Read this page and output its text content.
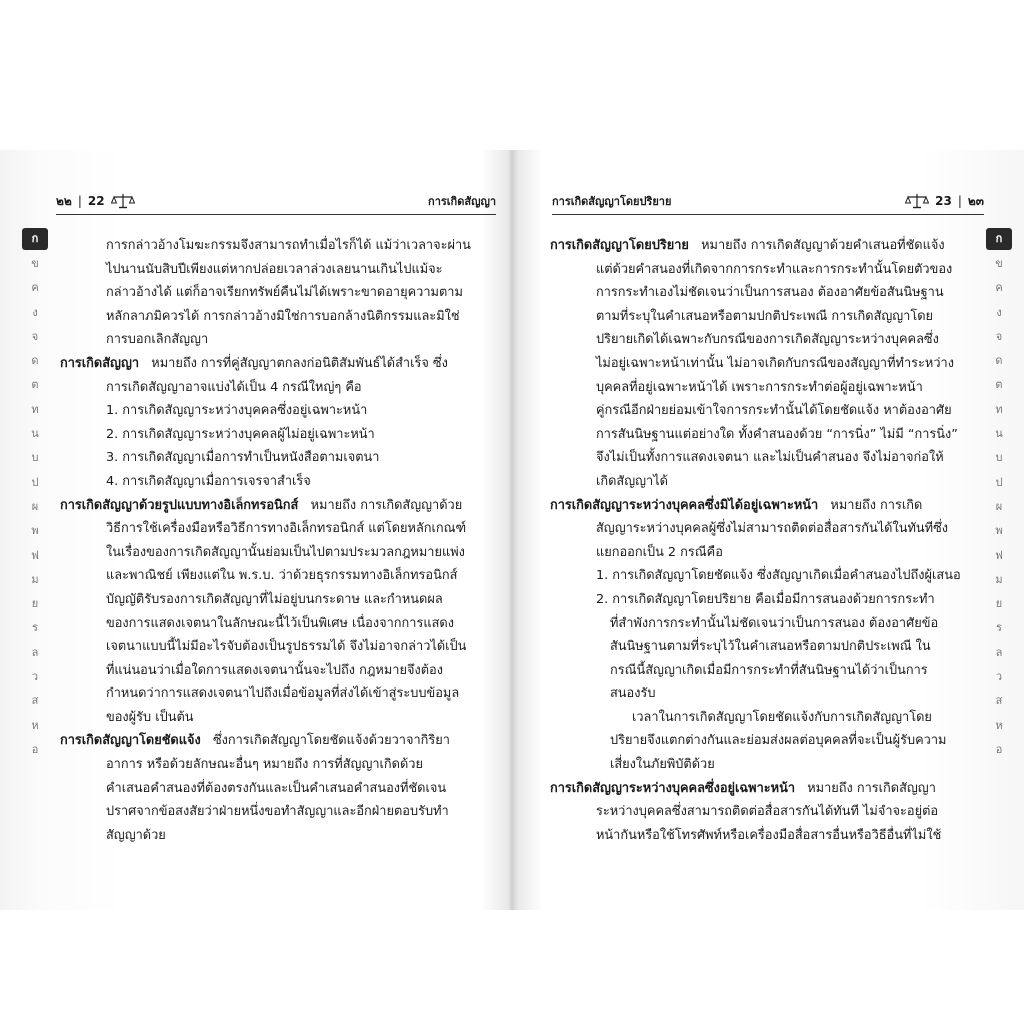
๒๒ | 22	การเกิดสัญญา
ก
ข
ค
ง
จ
ด
ต
ท
น
บ
ป
ผ
พ
ฟ
ม
ย
ร
ล
ว
ส
ห
อ
การกล่าวอ้างโมฆะกรรมจึงสามารถทำเมื่อไรก็ได้ แม้ว่าเวลาจะผ่าน
ไปนานนับสิบปีเพียงแต่หากปล่อยเวลาล่วงเลยนานเกินไปแม้จะ
กล่าวอ้างได้ แต่ก็อาจเรียกทรัพย์คืนไม่ได้เพราะขาดอายุความตาม
หลักลาภมิควรได้ การกล่าวอ้างมิใช่การบอกล้างนิติกรรมและมิใช่
การบอกเลิกสัญญา
การเกิดสัญญา หมายถึง การที่คู่สัญญาตกลงก่อนิติสัมพันธ์ได้สำเร็จ ซึ่ง
การเกิดสัญญาอาจแบ่งได้เป็น 4 กรณีใหญ่ๆ คือ
1. การเกิดสัญญาระหว่างบุคคลซึ่งอยู่เฉพาะหน้า
2. การเกิดสัญญาระหว่างบุคคลผู้ไม่อยู่เฉพาะหน้า
3. การเกิดสัญญาเมื่อการทำเป็นหนังสือตามเจตนา
4. การเกิดสัญญาเมื่อการเจรจาสำเร็จ
การเกิดสัญญาด้วยรูปแบบทางอิเล็กทรอนิกส์ หมายถึง การเกิดสัญญาด้วย
วิธีการใช้เครื่องมือหรือวิธีการทางอิเล็กทรอนิกส์ แต่โดยหลักเกณฑ์
ในเรื่องของการเกิดสัญญานั้นย่อมเป็นไปตามประมวลกฎหมายแพ่ง
และพาณิชย์ เพียงแต่ใน พ.ร.บ. ว่าด้วยธุรกรรมทางอิเล็กทรอนิกส์
บัญญัติรับรองการเกิดสัญญาที่ไม่อยู่บนกระดาษ และกำหนดผล
ของการแสดงเจตนาในลักษณะนี้ไว้เป็นพิเศษ เนื่องจากการแสดง
เจตนาแบบนี้ไม่มีอะไรจับต้องเป็นรูปธรรมได้ จึงไม่อาจกล่าวได้เป็น
ที่แน่นอนว่าเมื่อใดการแสดงเจตนานั้นจะไปถึง กฎหมายจึงต้อง
กำหนดว่าการแสดงเจตนาไปถึงเมื่อข้อมูลที่ส่งได้เข้าสู่ระบบข้อมูล
ของผู้รับ เป็นต้น
การเกิดสัญญาโดยชัดแจ้ง ซึ่งการเกิดสัญญาโดยชัดแจ้งด้วยวาจากิริยา
อาการ หรือด้วยลักษณะอื่นๆ หมายถึง การที่สัญญาเกิดด้วย
คำเสนอคำสนองที่ต้องตรงกันและเป็นคำเสนอคำสนองที่ชัดเจน
ปราศจากข้อสงสัยว่าฝ่ายหนึ่งขอทำสัญญาและอีกฝ่ายตอบรับทำ
สัญญาด้วย
การเกิดสัญญาโดยปริยาย	23 | ๒๓
ก
ข
ค
ง
จ
ด
ต
ท
น
บ
ป
ผ
พ
ฟ
ม
ย
ร
ล
ว
ส
ห
อ
การเกิดสัญญาโดยปริยาย หมายถึง การเกิดสัญญาด้วยคำเสนอที่ชัดแจ้ง
แต่ด้วยคำสนองที่เกิดจากการกระทำและการกระทำนั้นโดยตัวของ
การกระทำเองไม่ชัดเจนว่าเป็นการสนอง ต้องอาศัยข้อสันนิษฐาน
ตามที่ระบุในคำเสนอหรือตามปกติประเพณี การเกิดสัญญาโดย
ปริยายเกิดได้เฉพาะกับกรณีของการเกิดสัญญาระหว่างบุคคลซึ่ง
ไม่อยู่เฉพาะหน้าเท่านั้น ไม่อาจเกิดกับกรณีของสัญญาที่ทำระหว่าง
บุคคลที่อยู่เฉพาะหน้าได้ เพราะการกระทำต่อผู้อยู่เฉพาะหน้า
คู่กรณีอีกฝ่ายย่อมเข้าใจการกระทำนั้นได้โดยชัดแจ้ง หาต้องอาศัย
การสันนิษฐานแต่อย่างใด ทั้งคำสนองด้วย “การนิ่ง” ไม่มี “การนิ่ง”
จึงไม่เป็นทั้งการแสดงเจตนา และไม่เป็นคำสนอง จึงไม่อาจก่อให้
เกิดสัญญาได้
การเกิดสัญญาระหว่างบุคคลซึ่งมิได้อยู่เฉพาะหน้า หมายถึง การเกิด
สัญญาระหว่างบุคคลผู้ซึ่งไม่สามารถติดต่อสื่อสารกันได้ในทันทีซึ่ง
แยกออกเป็น 2 กรณีคือ
1. การเกิดสัญญาโดยชัดแจ้ง ซึ่งสัญญาเกิดเมื่อคำสนองไปถึงผู้เสนอ
2. การเกิดสัญญาโดยปริยาย คือเมื่อมีการสนองด้วยการกระทำ
ที่สำพังการกระทำนั้นไม่ชัดเจนว่าเป็นการสนอง ต้องอาศัยข้อ
สันนิษฐานตามที่ระบุไว้ในคำเสนอหรือตามปกติประเพณี ใน
กรณีนี้สัญญาเกิดเมื่อมีการกระทำที่สันนิษฐานได้ว่าเป็นการ
สนองรับ
เวลาในการเกิดสัญญาโดยชัดแจ้งกับการเกิดสัญญาโดย
ปริยายจึงแตกต่างกันและย่อมส่งผลต่อบุคคลที่จะเป็นผู้รับความ
เสี่ยงในภัยพิบัติด้วย
การเกิดสัญญาระหว่างบุคคลซึ่งอยู่เฉพาะหน้า หมายถึง การเกิดสัญญา
ระหว่างบุคคลซึ่งสามารถติดต่อสื่อสารกันได้ทันที ไม่จำจะอยู่ต่อ
หน้ากันหรือใช้โทรศัพท์หรือเครื่องมือสื่อสารอื่นหรือวิธีอื่นที่ไม่ใช้
